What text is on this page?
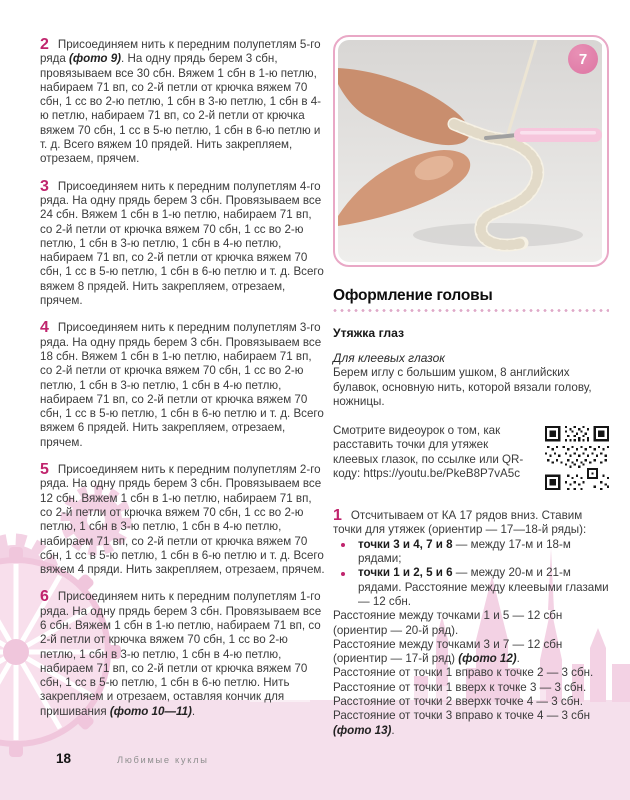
2 Присоединяем нить к передним полупетлям 5-го ряда (фото 9). На одну прядь берем 3 сбн, провязываем все 30 сбн. Вяжем 1 сбн в 1-ю петлю, набираем 71 вп, со 2-й петли от крючка вяжем 70 сбн, 1 сс во 2-ю петлю, 1 сбн в 3-ю петлю, 1 сбн в 4-ю петлю, набираем 71 вп, со 2-й петли от крючка вяжем 70 сбн, 1 сс в 5-ю петлю, 1 сбн в 6-ю петлю и т. д. Всего вяжем 10 прядей. Нить закрепляем, отрезаем, прячем.

3 Присоединяем нить к передним полупетлям 4-го ряда. На одну прядь берем 3 сбн. Провязываем все 24 сбн. Вяжем 1 сбн в 1-ю петлю, набираем 71 вп, со 2-й петли от крючка вяжем 70 сбн, 1 сс во 2-ю петлю, 1 сбн в 3-ю петлю, 1 сбн в 4-ю петлю, набираем 71 вп, со 2-й петли от крючка вяжем 70 сбн, 1 сс в 5-ю петлю, 1 сбн в 6-ю петлю и т. д. Всего вяжем 8 прядей. Нить закрепляем, отрезаем, прячем.

4 Присоединяем нить к передним полупетлям 3-го ряда. На одну прядь берем 3 сбн. Провязываем все 18 сбн. Вяжем 1 сбн в 1-ю петлю, набираем 71 вп, со 2-й петли от крючка вяжем 70 сбн, 1 сс во 2-ю петлю, 1 сбн в 3-ю петлю, 1 сбн в 4-ю петлю, набираем 71 вп, со 2-й петли от крючка вяжем 70 сбн, 1 сс в 5-ю петлю, 1 сбн в 6-ю петлю и т. д. Всего вяжем 6 прядей. Нить закрепляем, отрезаем, прячем.

5 Присоединяем нить к передним полупетлям 2-го ряда. На одну прядь берем 3 сбн. Провязываем все 12 сбн. Вяжем 1 сбн в 1-ю петлю, набираем 71 вп, со 2-й петли от крючка вяжем 70 сбн, 1 сс во 2-ю петлю, 1 сбн в 3-ю петлю, 1 сбн в 4-ю петлю, набираем 71 вп, со 2-й петли от крючка вяжем 70 сбн, 1 сс в 5-ю петлю, 1 сбн в 6-ю петлю и т. д. Всего вяжем 4 пряди. Нить закрепляем, отрезаем, прячем.

6 Присоединяем нить к передним полупетлям 1-го ряда. На одну прядь берем 3 сбн. Провязываем все 6 сбн. Вяжем 1 сбн в 1-ю петлю, набираем 71 вп, со 2-й петли от крючка вяжем 70 сбн, 1 сс во 2-ю петлю, 1 сбн в 3-ю петлю, 1 сбн в 4-ю петлю, набираем 71 вп, со 2-й петли от крючка вяжем 70 сбн, 1 сс в 5-ю петлю, 1 сбн в 6-ю петлю. Нить закрепляем и отрезаем, оставляя кончик для пришивания (фото 10—11).

7
Оформление головы
Утяжка глаз

Для клеевых глазок

Берем иглу с большим ушком, 8 английских булавок, основную нить, которой вязали голову, ножницы.

Смотрите видеоурок о том, как расставить точки для утяжек клеевых глазок, по ссылке или QR-коду: https://youtu.be/PkeB8P7vA5c

1 Отсчитываем от КА 17 рядов вниз. Ставим точки для утяжек (ориентир — 17—18-й ряды):

точки 3 и 4, 7 и 8 — между 17-м и 18-м рядами;
точки 1 и 2, 5 и 6 — между 20-м и 21-м рядами. Расстояние между клеевыми глазами — 12 сбн.

Расстояние между точками 1 и 5 — 12 сбн (ориентир — 20-й ряд).

Расстояние между точками 3 и 7 — 12 сбн (ориентир — 17-й ряд) (фото 12).

Расстояние от точки 1 вправо к точке 2 — 3 сбн.

Расстояние от точки 1 вверх к точке 3 — 3 сбн.

Расстояние от точки 2 вверхк точке 4 — 3 сбн.

Расстояние от точки 3 вправо к точке 4 — 3 сбн (фото 13).

18	Любимые куклы
